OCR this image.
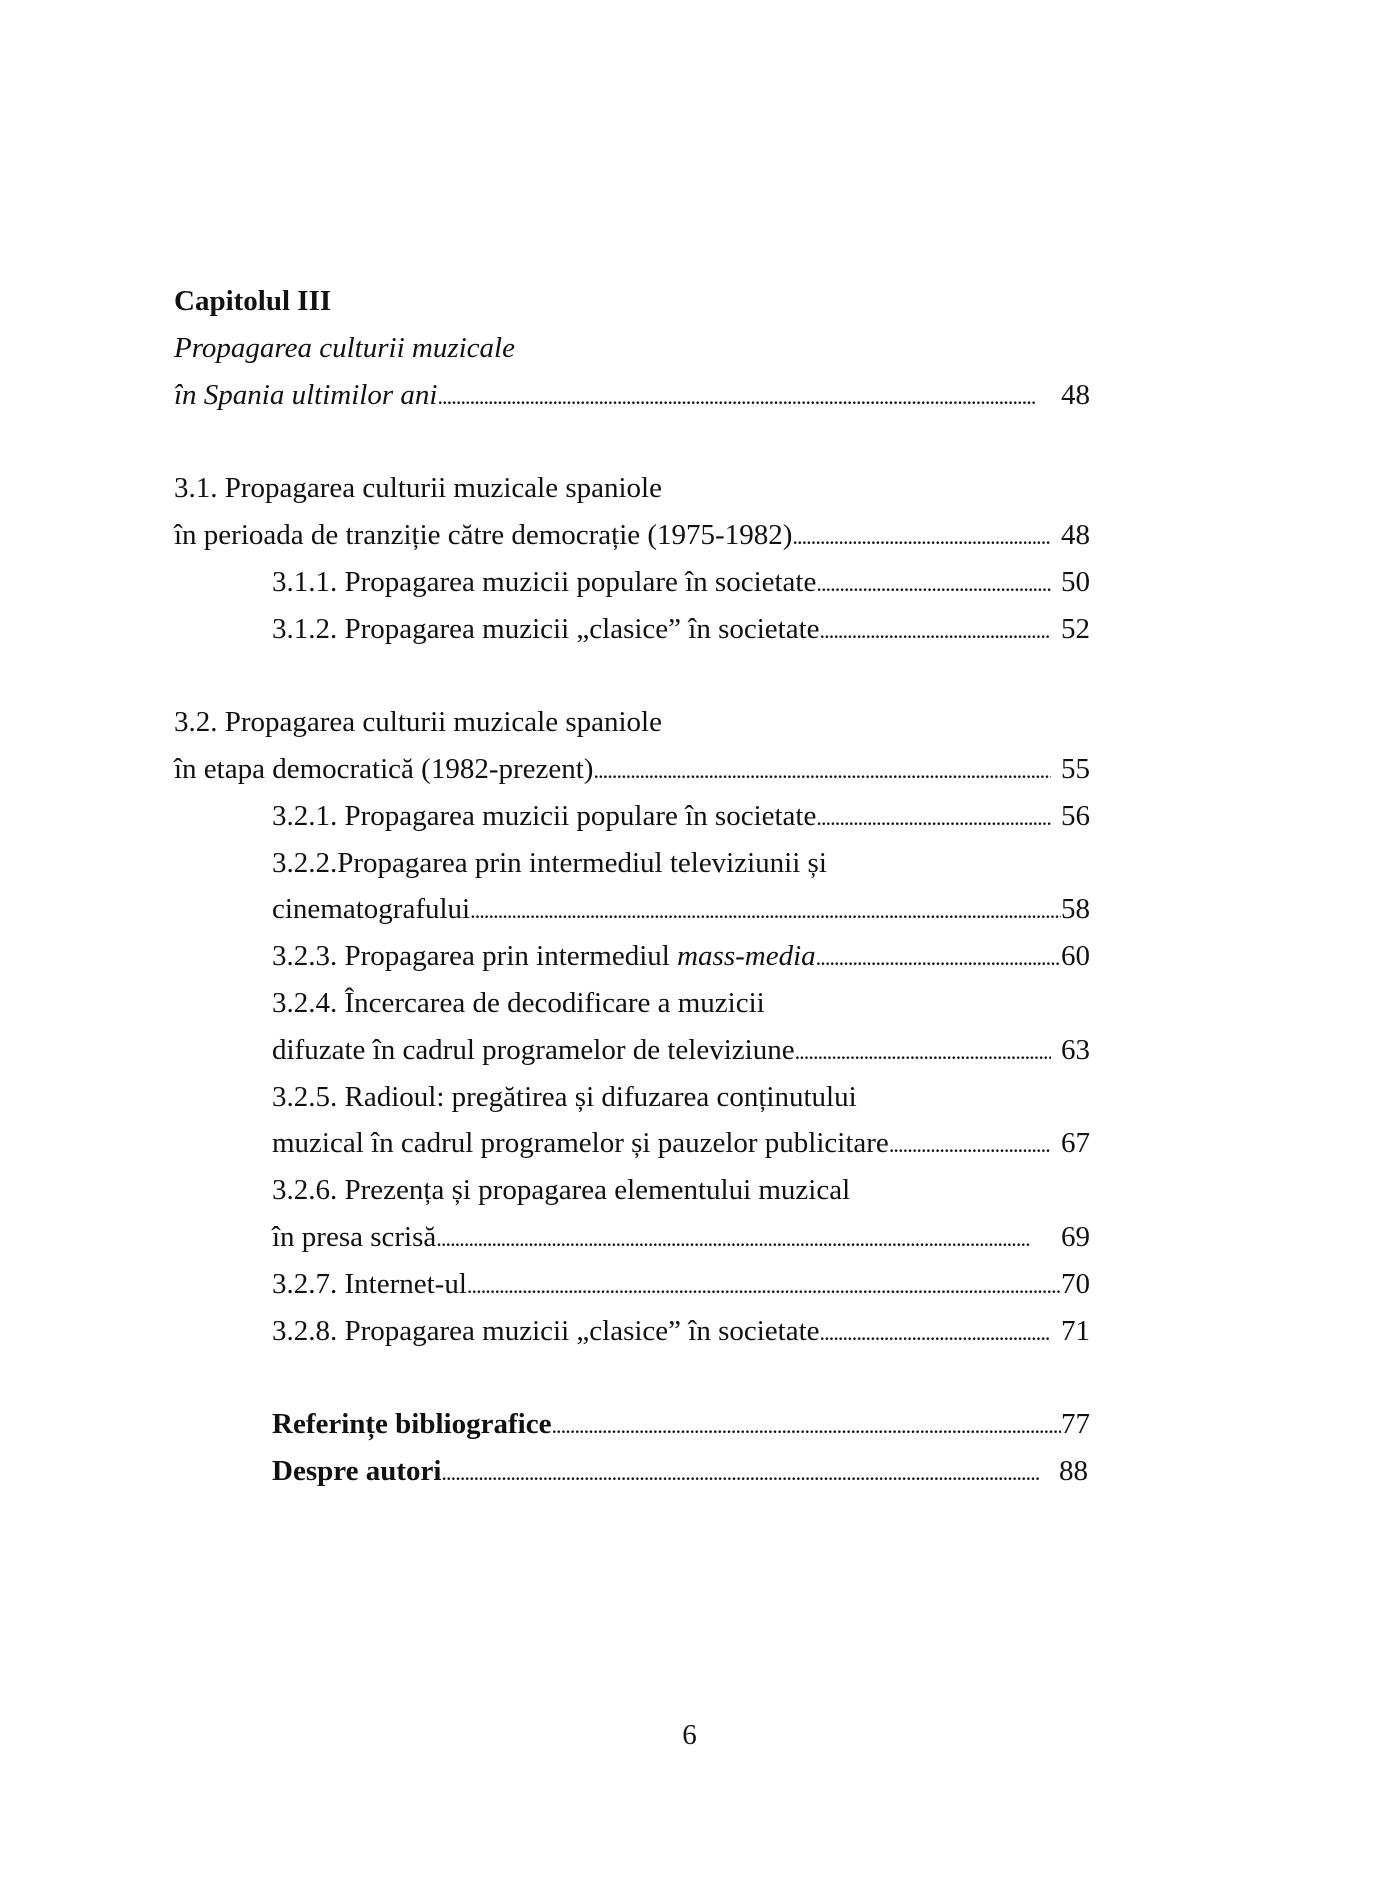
Capitolul III
Propagarea culturii muzicale
în Spania ultimilor ani . . .	48
3.1. Propagarea culturii muzicale spaniole
în perioada de tranziție către democrație (1975-1982) . . .	48
3.1.1. Propagarea muzicii populare în societate . . .	50
3.1.2. Propagarea muzicii „clasice” în societate . . .	52
3.2. Propagarea culturii muzicale spaniole
în etapa democratică (1982-prezent) . . .	55
3.2.1. Propagarea muzicii populare în societate . . .	56
3.2.2.Propagarea prin intermediul televiziunii și
cinematografului . . .	58
3.2.3. Propagarea prin intermediul mass-media . . .	60
3.2.4. Încercarea de decodificare a muzicii
difuzate în cadrul programelor de televiziune . . .	63
3.2.5. Radioul: pregătirea și difuzarea conținutului
muzical în cadrul programelor și pauzelor publicitare . . .	67
3.2.6. Prezența și propagarea elementului muzical
în presa scrisă . . .	69
3.2.7. Internet-ul . . .	70
3.2.8. Propagarea muzicii „clasice” în societate . . .	71
Referințe bibliografice . . .	77
Despre autori . . .	88
6
